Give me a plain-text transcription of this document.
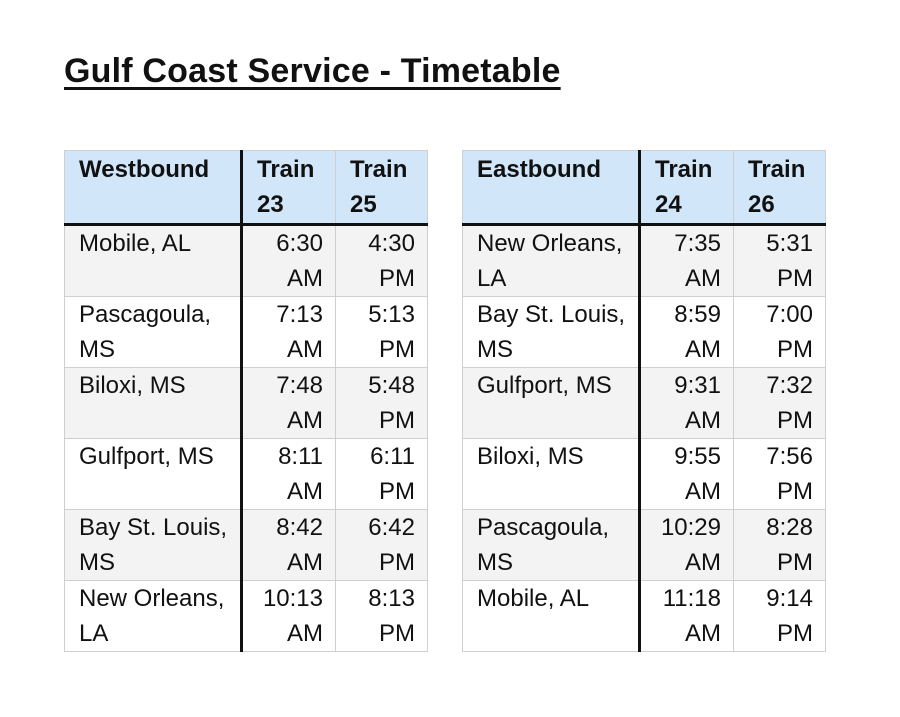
Gulf Coast Service - Timetable
Westbound	Train 23	Train 25
Mobile, AL	6:30 AM	4:30 PM
Pascagoula, MS	7:13 AM	5:13 PM
Biloxi, MS	7:48 AM	5:48 PM
Gulfport, MS	8:11 AM	6:11 PM
Bay St. Louis, MS	8:42 AM	6:42 PM
New Orleans, LA	10:13 AM	8:13 PM
Eastbound	Train 24	Train 26
New Orleans, LA	7:35 AM	5:31 PM
Bay St. Louis, MS	8:59 AM	7:00 PM
Gulfport, MS	9:31 AM	7:32 PM
Biloxi, MS	9:55 AM	7:56 PM
Pascagoula, MS	10:29 AM	8:28 PM
Mobile, AL	11:18 AM	9:14 PM
